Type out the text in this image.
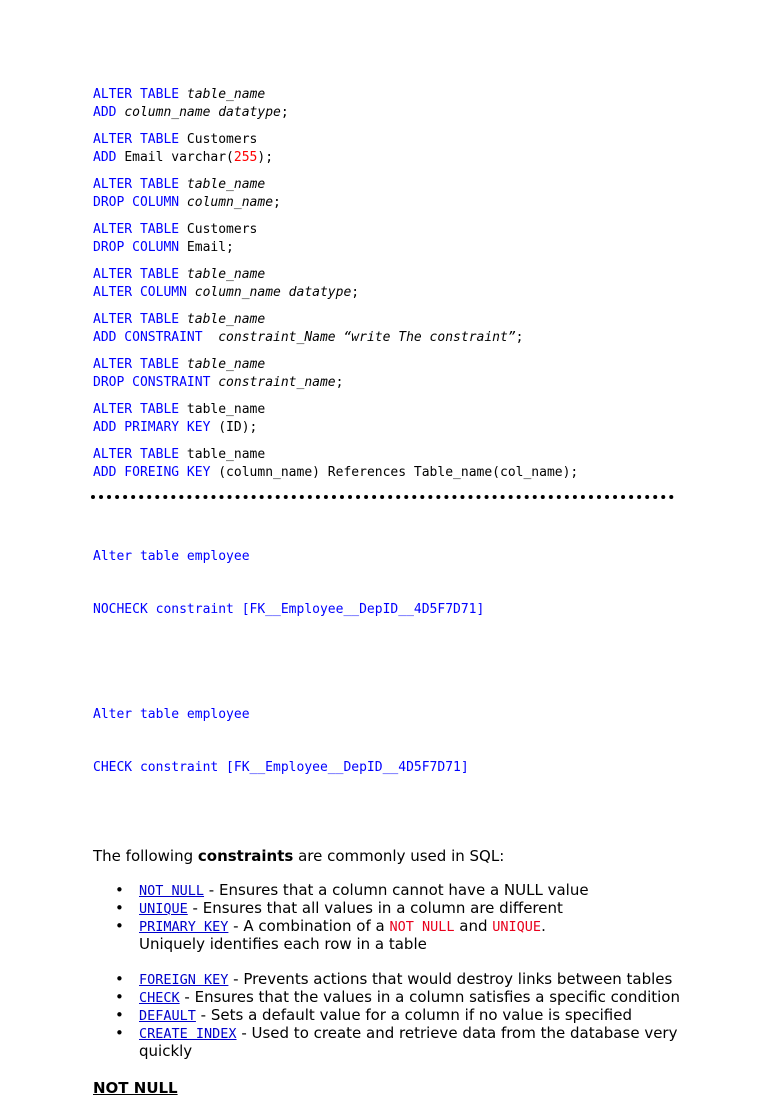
ALTER TABLE table_name
ADD column_name datatype;
ALTER TABLE Customers
ADD Email varchar(255);
ALTER TABLE table_name
DROP COLUMN column_name;
ALTER TABLE Customers
DROP COLUMN Email;
ALTER TABLE table_name
ALTER COLUMN column_name datatype;
ALTER TABLE table_name
ADD CONSTRAINT  constraint_Name “write The constraint”;
ALTER TABLE table_name
DROP CONSTRAINT constraint_name;
ALTER TABLE table_name
ADD PRIMARY KEY (ID);
ALTER TABLE table_name
ADD FOREING KEY (column_name) References Table_name(col_name);

Alter table employee

NOCHECK constraint [FK__Employee__DepID__4D5F7D71]

Alter table employee

CHECK constraint [FK__Employee__DepID__4D5F7D71]

The following constraints are commonly used in SQL:
• NOT NULL - Ensures that a column cannot have a NULL value
• UNIQUE - Ensures that all values in a column are different
• PRIMARY KEY - A combination of a NOT NULL and UNIQUE.
Uniquely identifies each row in a table
• FOREIGN KEY - Prevents actions that would destroy links between tables
• CHECK - Ensures that the values in a column satisfies a specific condition
• DEFAULT - Sets a default value for a column if no value is specified
• CREATE INDEX - Used to create and retrieve data from the database very quickly
NOT NULL
